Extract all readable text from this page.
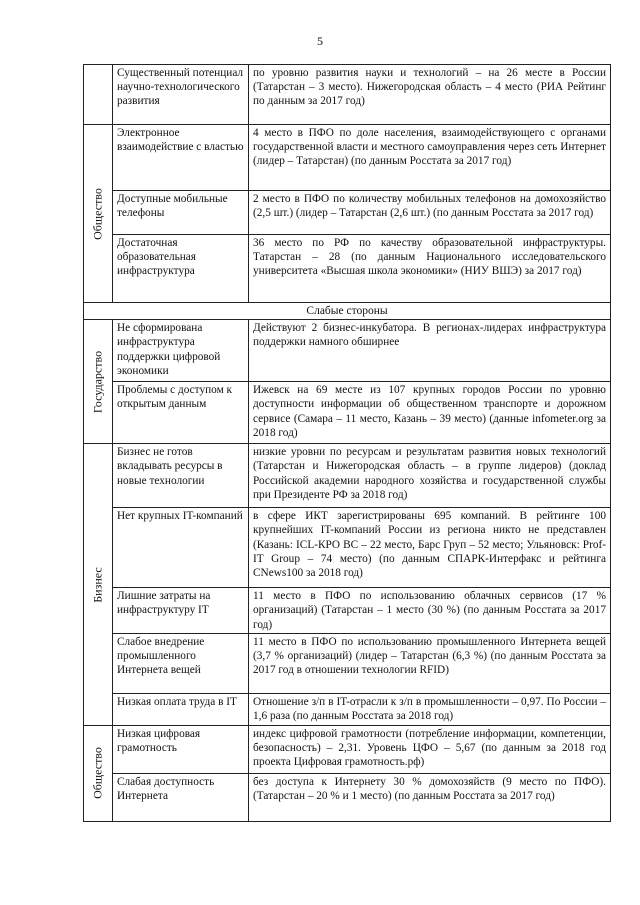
5
	Существенный потенциал научно-технологического развития	по уровню развития науки и технологий – на 26 месте в России (Татарстан – 3 место). Нижегородская область – 4 место (РИА Рейтинг по данным за 2017 год)

Общество	Электронное взаимодействие с властью	4 место в ПФО по доле населения, взаимодействующего с органами государственной власти и местного самоуправления через сеть Интернет (лидер – Татарстан) (по данным Росстата за 2017 год)
	Доступные мобильные телефоны	2 место в ПФО по количеству мобильных телефонов на домохозяйство (2,5 шт.) (лидер – Татарстан (2,6 шт.) (по данным Росстата за 2017 год)
	Достаточная образовательная инфраструктура	36 место по РФ по качеству образовательной инфраструктуры. Татарстан – 28 (по данным Национального исследовательского университета «Высшая школа экономики» (НИУ ВШЭ) за 2017 год)
Слабые стороны		

Государство	Не сформирована инфраструктура поддержки цифровой экономики	Действуют 2 бизнес-инкубатора. В регионах-лидерах инфраструктура поддержки намного обширнее
	Проблемы с доступом к открытым данным	Ижевск на 69 месте из 107 крупных городов России по уровню доступности информации об общественном транспорте и дорожном сервисе (Самара – 11 место, Казань – 39 место) (данные infometer.org за 2018 год)

Бизнес	Бизнес не готов вкладывать ресурсы в новые технологии	низкие уровни по ресурсам и результатам развития новых технологий (Татарстан и Нижегородская область – в группе лидеров) (доклад Российской академии народного хозяйства и государственной службы при Президенте РФ за 2018 год)
	Нет крупных IT-компаний	в сфере ИКТ зарегистрированы 695 компаний. В рейтинге 100 крупнейших IT-компаний России из региона никто не представлен (Казань: ICL-КРО ВС – 22 место, Барс Груп – 52 место; Ульяновск: Prof-IT Group – 74 место) (по данным СПАРК-Интерфакс и рейтинга CNews100 за 2018 год)
	Лишние затраты на инфраструктуру IT	11 место в ПФО по использованию облачных сервисов (17 % организаций) (Татарстан – 1 место (30 %) (по данным Росстата за 2017 год)
	Слабое внедрение промышленного Интернета вещей	11 место в ПФО по использованию промышленного Интернета вещей (3,7 % организаций) (лидер – Татарстан (6,3 %) (по данным Росстата за 2017 год в отношении технологии RFID)
	Низкая оплата труда в IT	Отношение з/п в IT-отрасли к з/п в промышленности – 0,97. По России – 1,6 раза (по данным Росстата за 2018 год)

Общество	Низкая цифровая грамотность	индекс цифровой грамотности (потребление информации, компетенции, безопасность) – 2,31. Уровень ЦФО – 5,67 (по данным за 2018 год проекта Цифровая грамотность.рф)
	Слабая доступность Интернета	без доступа к Интернету 30 % домохозяйств (9 место по ПФО). (Татарстан – 20 % и 1 место) (по данным Росстата за 2017 год)
